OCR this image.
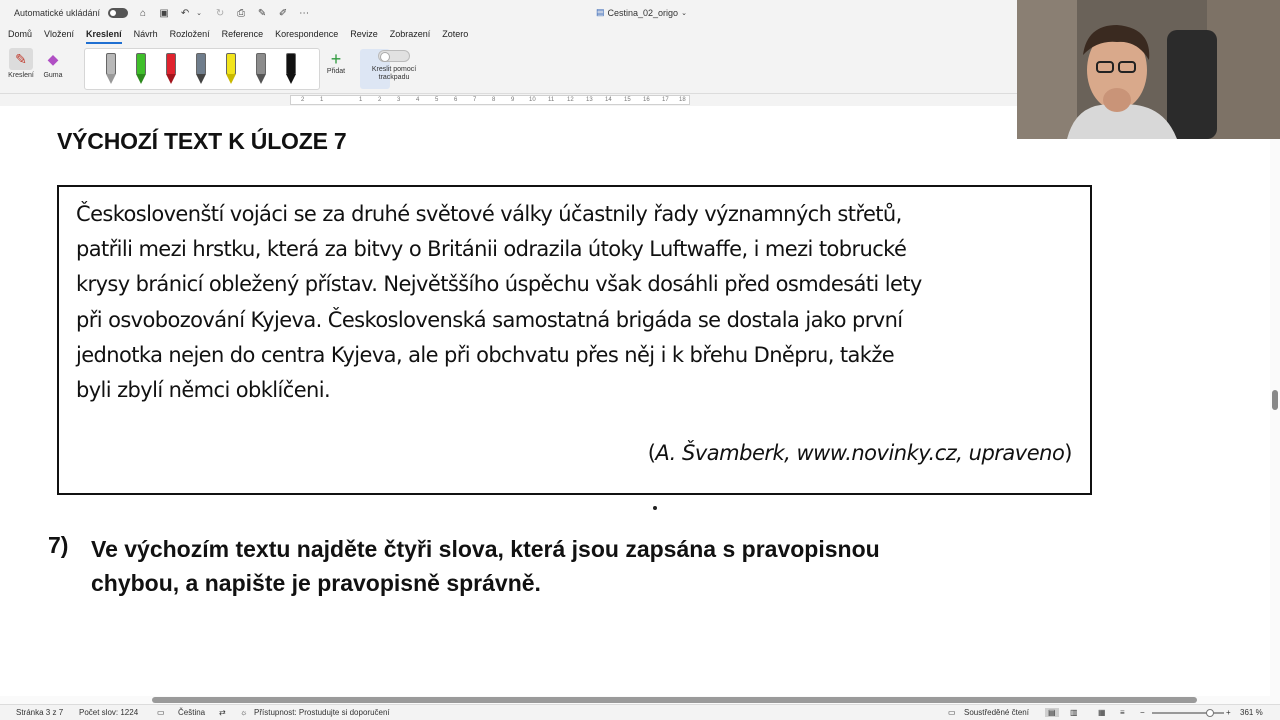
Automatické ukládání	⌂ ▣ ↶ ⌄	↻ ⎙ ✎ ✐ ⋯	▤ Cestina_02_origo ⌄
Domů Vložení Kreslení Návrh Rozložení Reference Korespondence Revize Zobrazení Zotero
✎
Kreslení
◆
Guma
+
Přidat	Kreslit pomocí
trackpadu
2	1	1	2	3	4	5	6	7	8	9 10 11 12 13 14 15 16 17 18
VÝCHOZÍ TEXT K ÚLOZE 7
Českoslovenští vojáci se za druhé světové války účastnily řady významných střetů,
patřili mezi hrstku, která za bitvy o Británii odrazila útoky Luftwaffe, i mezi tobrucké
krysy bránicí obležený přístav. Největššího úspěchu však dosáhli před osmdesáti lety
při osvobozování Kyjeva. Československá samostatná brigáda se dostala jako první
jednotka nejen do centra Kyjeva, ale při obchvatu přes něj i k břehu Dněpru, takže
byli zbylí němci obklíčeni.
(A. Švamberk, www.novinky.cz, upraveno)
7) Ve výchozím textu najděte čtyři slova, která jsou zapsána s pravopisnou
chybou, a napište je pravopisně správně.
Stránka 3 z 7 Počet slov: 1224 ▭ Čeština ⇄ ☼ Přístupnost: Prostudujte si doporučení	▭ Soustředěné čtení	▤	▥	▦ ≡ −	+ 361 %
